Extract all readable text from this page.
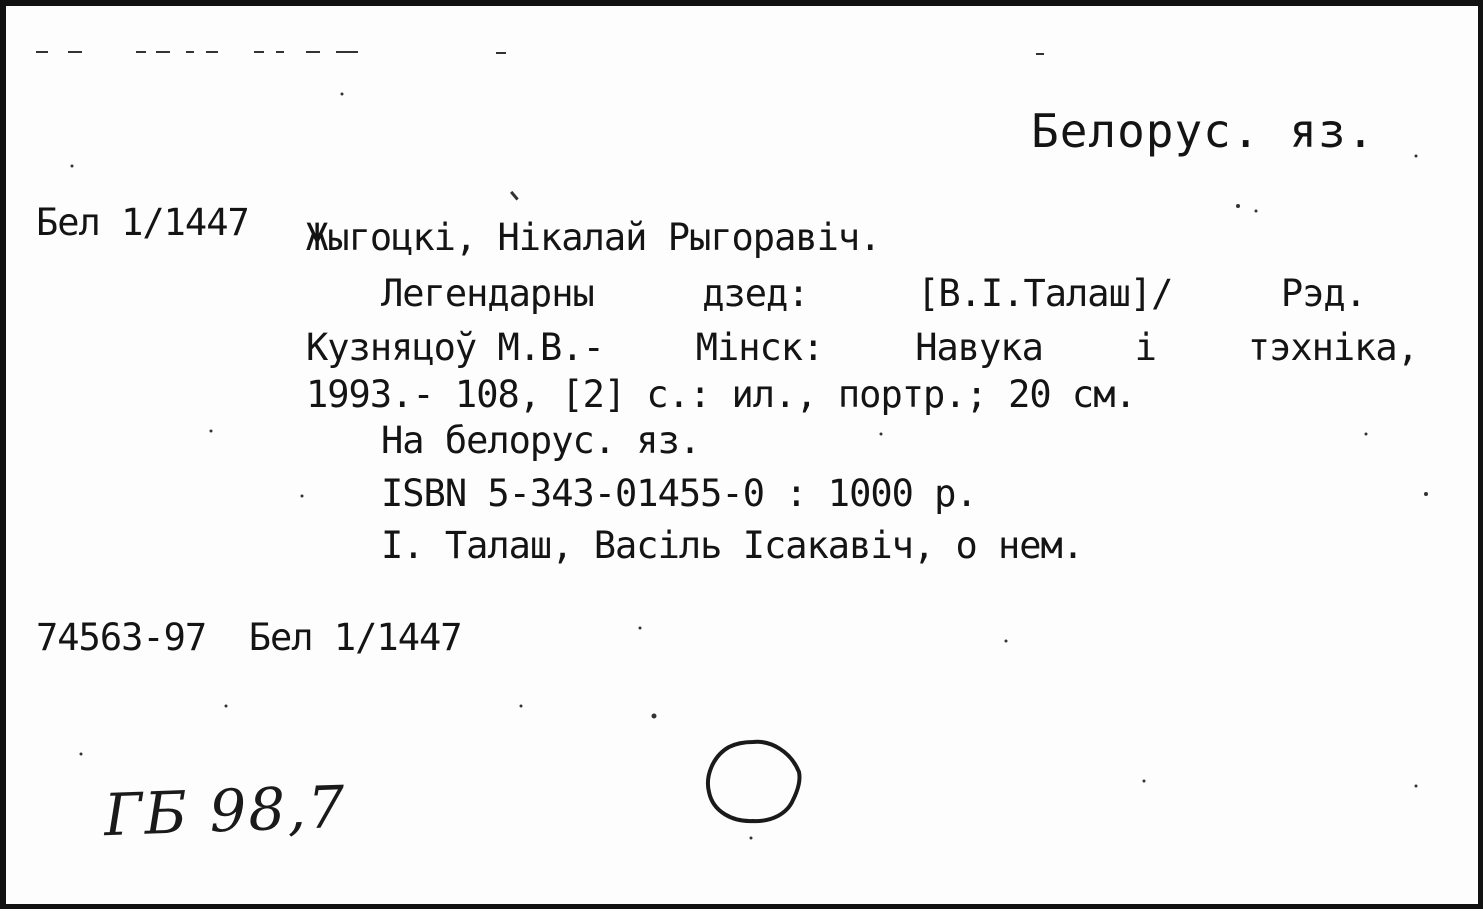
Белорус. яз.
Бел 1/1447 Жыгоцкі, Нікалай Рыгоравіч.
Легендарны	дзед:	[В.І.Талаш]/	Рэд.
Кузняцоў М.В.- Мінск: Навука і тэхніка,
1993.- 108, [2] с.: ил., портр.; 20 см.
На белорус. яз.
ISBN 5-343-01455-0 : 1000 р.
I. Талаш, Васіль Ісакавіч, о нем.
74563-97  Бел 1/1447
ГБ 98,7
